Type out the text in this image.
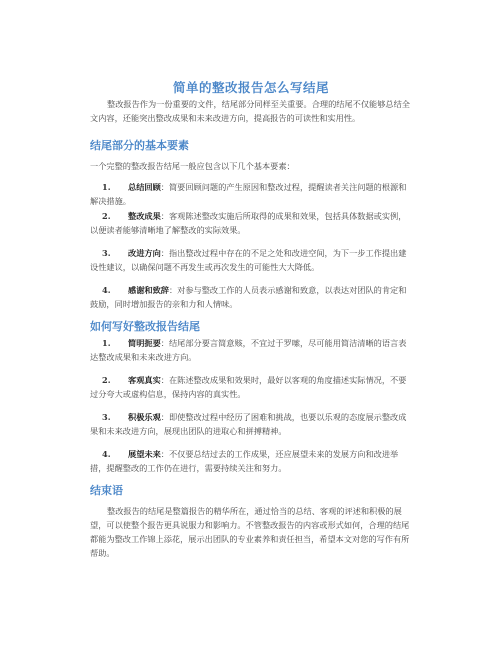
简单的整改报告怎么写结尾
整改报告作为一份重要的文件，结尾部分同样至关重要。合理的结尾不仅能够总结全文内容，还能突出整改成果和未来改进方向，提高报告的可读性和实用性。
结尾部分的基本要素
一个完整的整改报告结尾一般应包含以下几个基本要素：
1. 总结回顾：简要回顾问题的产生原因和整改过程，提醒读者关注问题的根源和解决措施。
2. 整改成果：客观陈述整改实施后所取得的成果和效果，包括具体数据或实例，以便读者能够清晰地了解整改的实际效果。
3. 改进方向：指出整改过程中存在的不足之处和改进空间，为下一步工作提出建设性建议，以确保问题不再发生或再次发生的可能性大大降低。
4. 感谢和致辞：对参与整改工作的人员表示感谢和致意，以表达对团队的肯定和鼓励，同时增加报告的亲和力和人情味。
如何写好整改报告结尾
1. 简明扼要：结尾部分要言简意赅，不宜过于罗嗦，尽可能用简洁清晰的语言表达整改成果和未来改进方向。
2. 客观真实：在陈述整改成果和效果时，最好以客观的角度描述实际情况，不要过分夸大或虚构信息，保持内容的真实性。
3. 积极乐观：即使整改过程中经历了困难和挑战，也要以乐观的态度展示整改成果和未来改进方向，展现出团队的进取心和拼搏精神。
4. 展望未来：不仅要总结过去的工作成果，还应展望未来的发展方向和改进举措，提醒整改的工作仍在进行，需要持续关注和努力。
结束语
整改报告的结尾是整篇报告的精华所在，通过恰当的总结、客观的评述和积极的展望，可以使整个报告更具说服力和影响力。不管整改报告的内容或形式如何，合理的结尾都能为整改工作锦上添花，展示出团队的专业素养和责任担当，希望本文对您的写作有所帮助。
